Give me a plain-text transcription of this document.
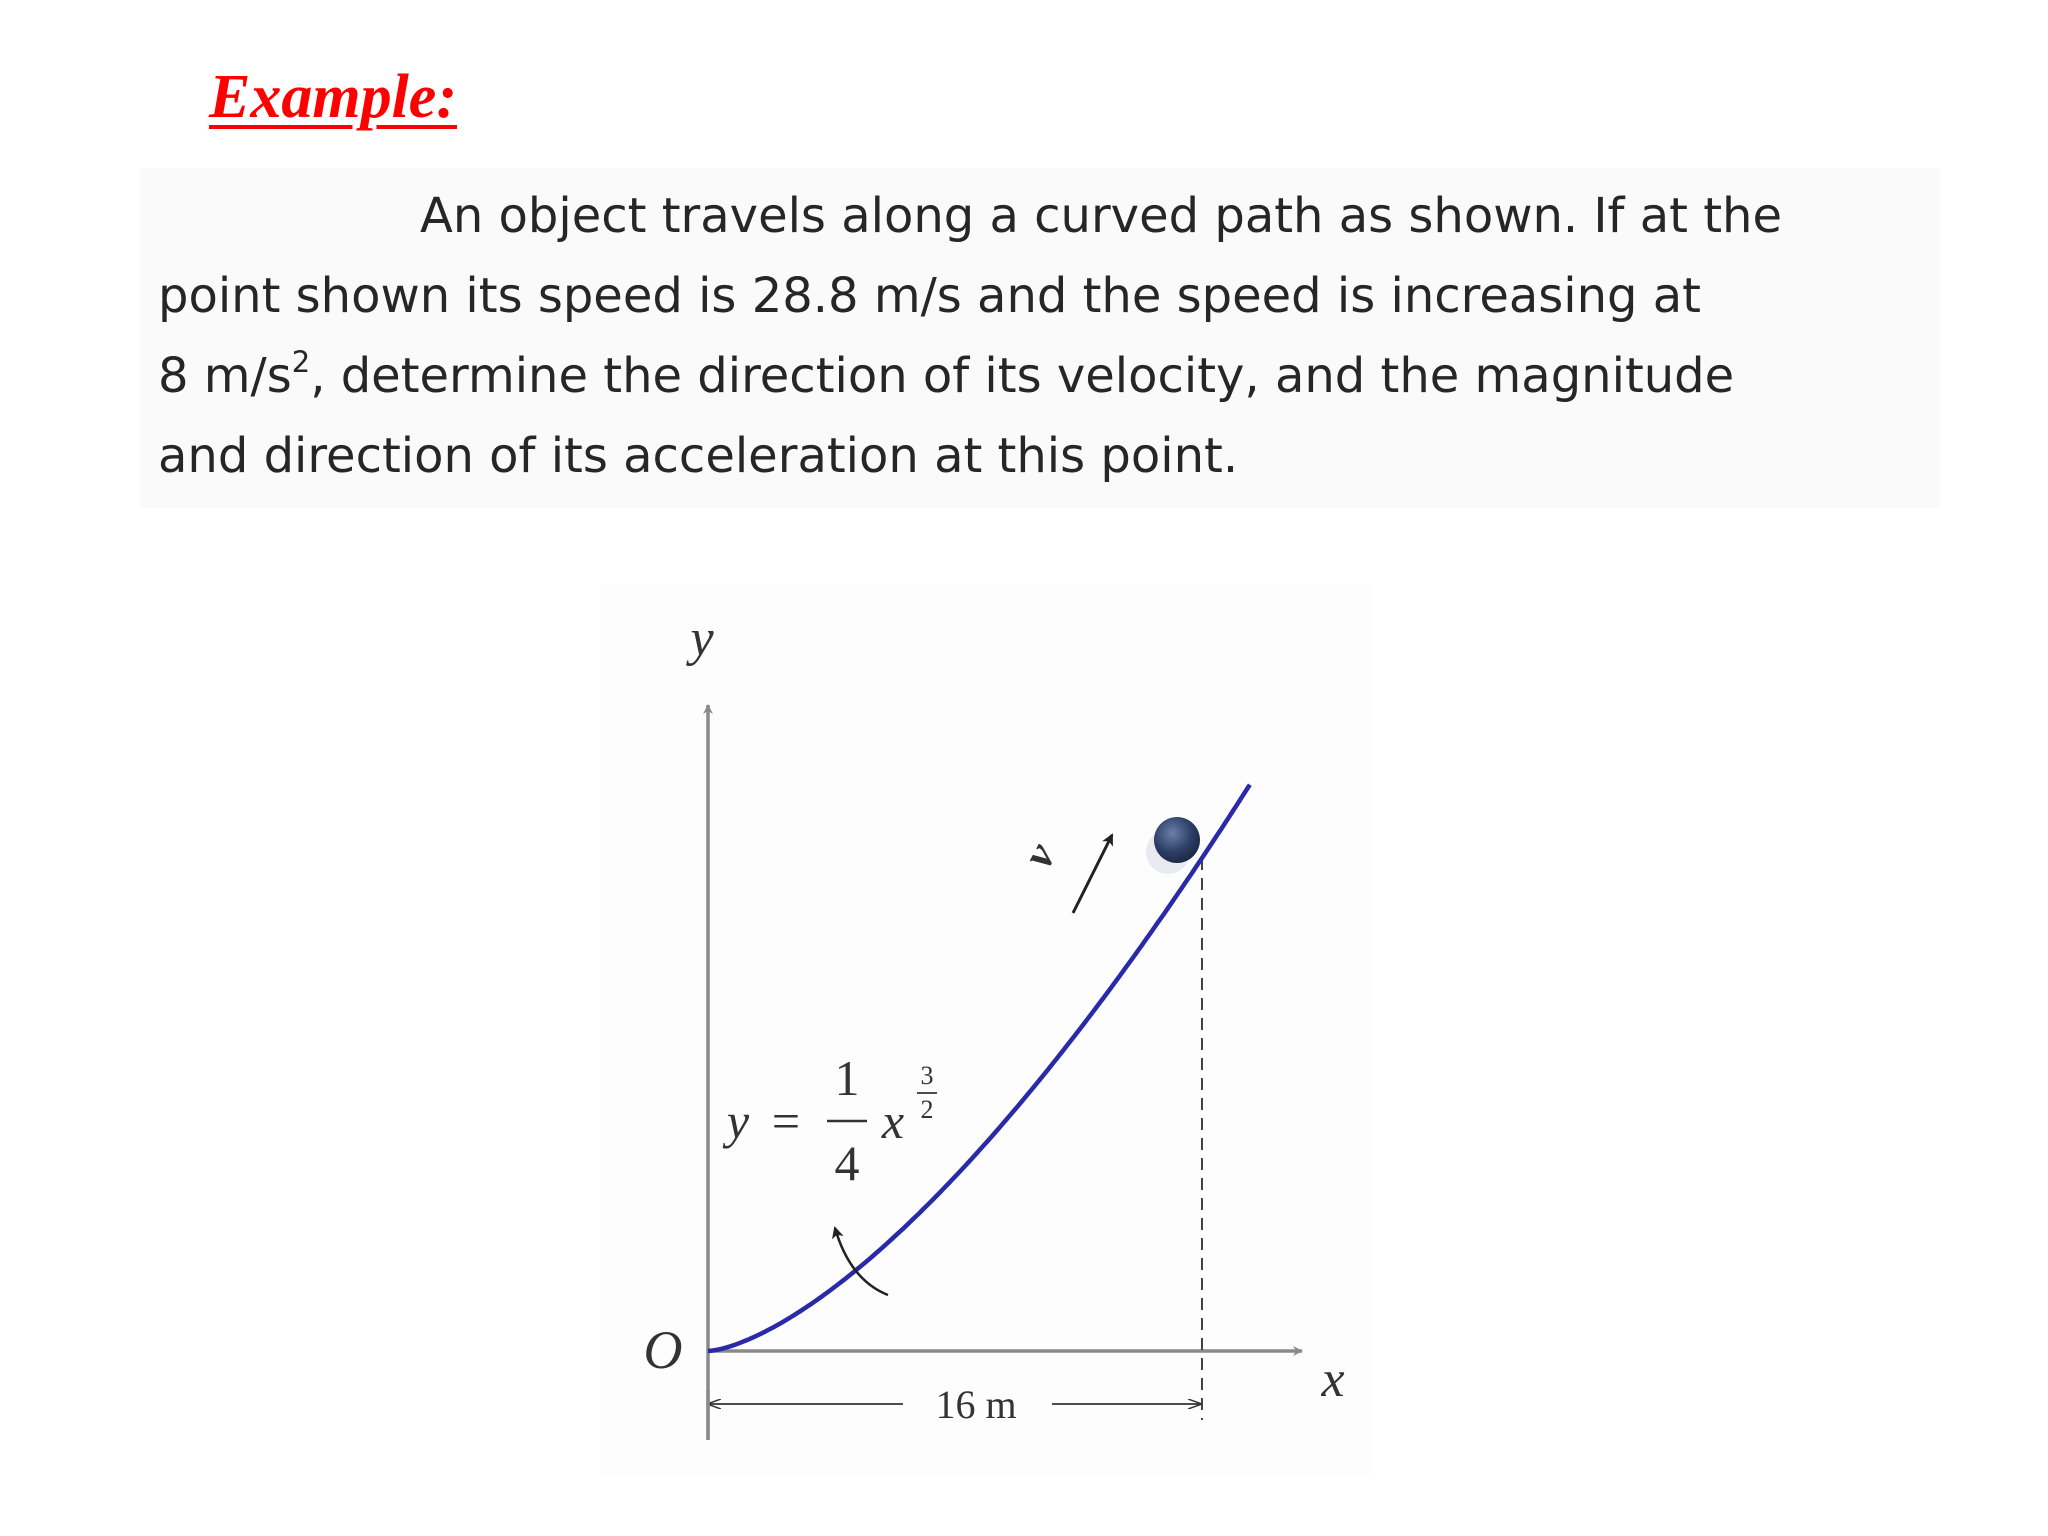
Example:

An object travels along a curved path as shown. If at the
point shown its speed is 28.8 m/s and the speed is increasing at
8 $m/s^2$, determine the direction of its velocity, and the magnitude
and direction of its acceleration at this point.

v
16 m
y
x
O
y =
1
4
x
3
2
